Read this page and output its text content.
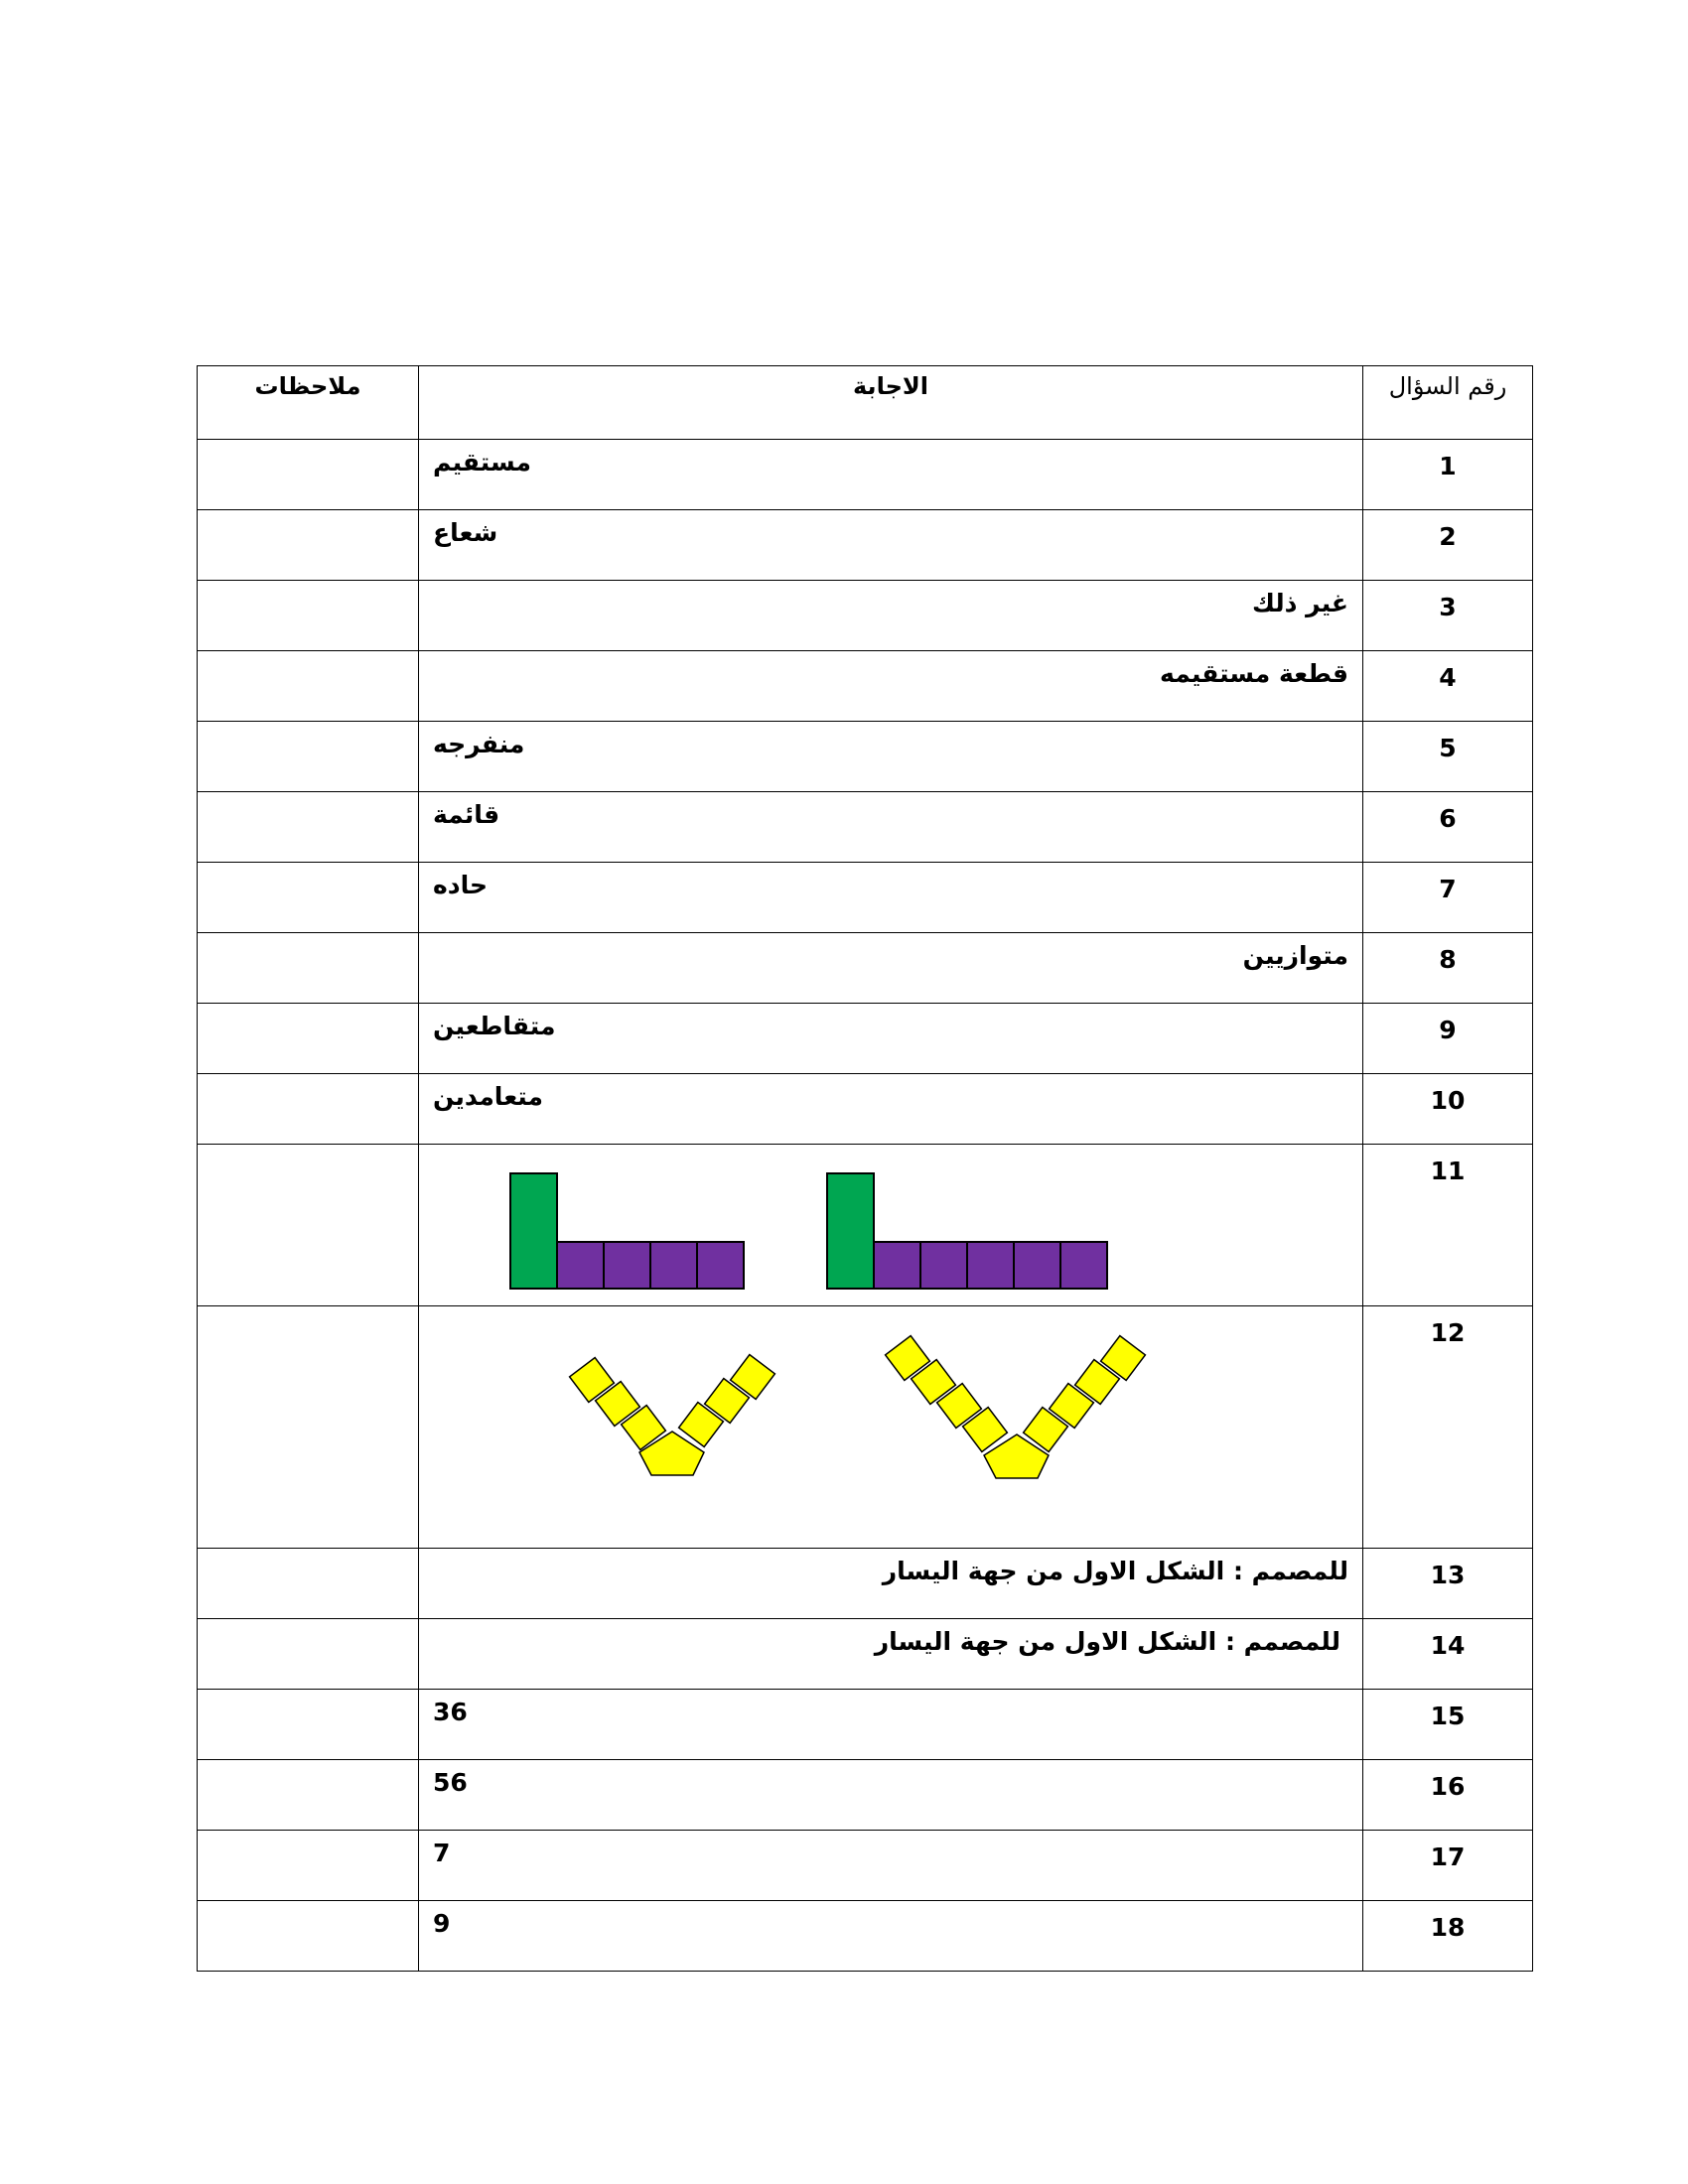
رقم السؤال	الاجابة	ملاحظات

1	مستقيم	

2	شعاع	

3	غير ذلك	

4	قطعة مستقيمه	

5	منفرجه	

6	قائمة	

7	حاده	

8	متوازيين	

9	متقاطعين	

10	متعامدين	

11

12

13	للمصمم : الشكل الاول من جهة اليسار	

14	للمصمم : الشكل الاول من جهة اليسار	

15	36	

16	56	

17	7	

18	9	
